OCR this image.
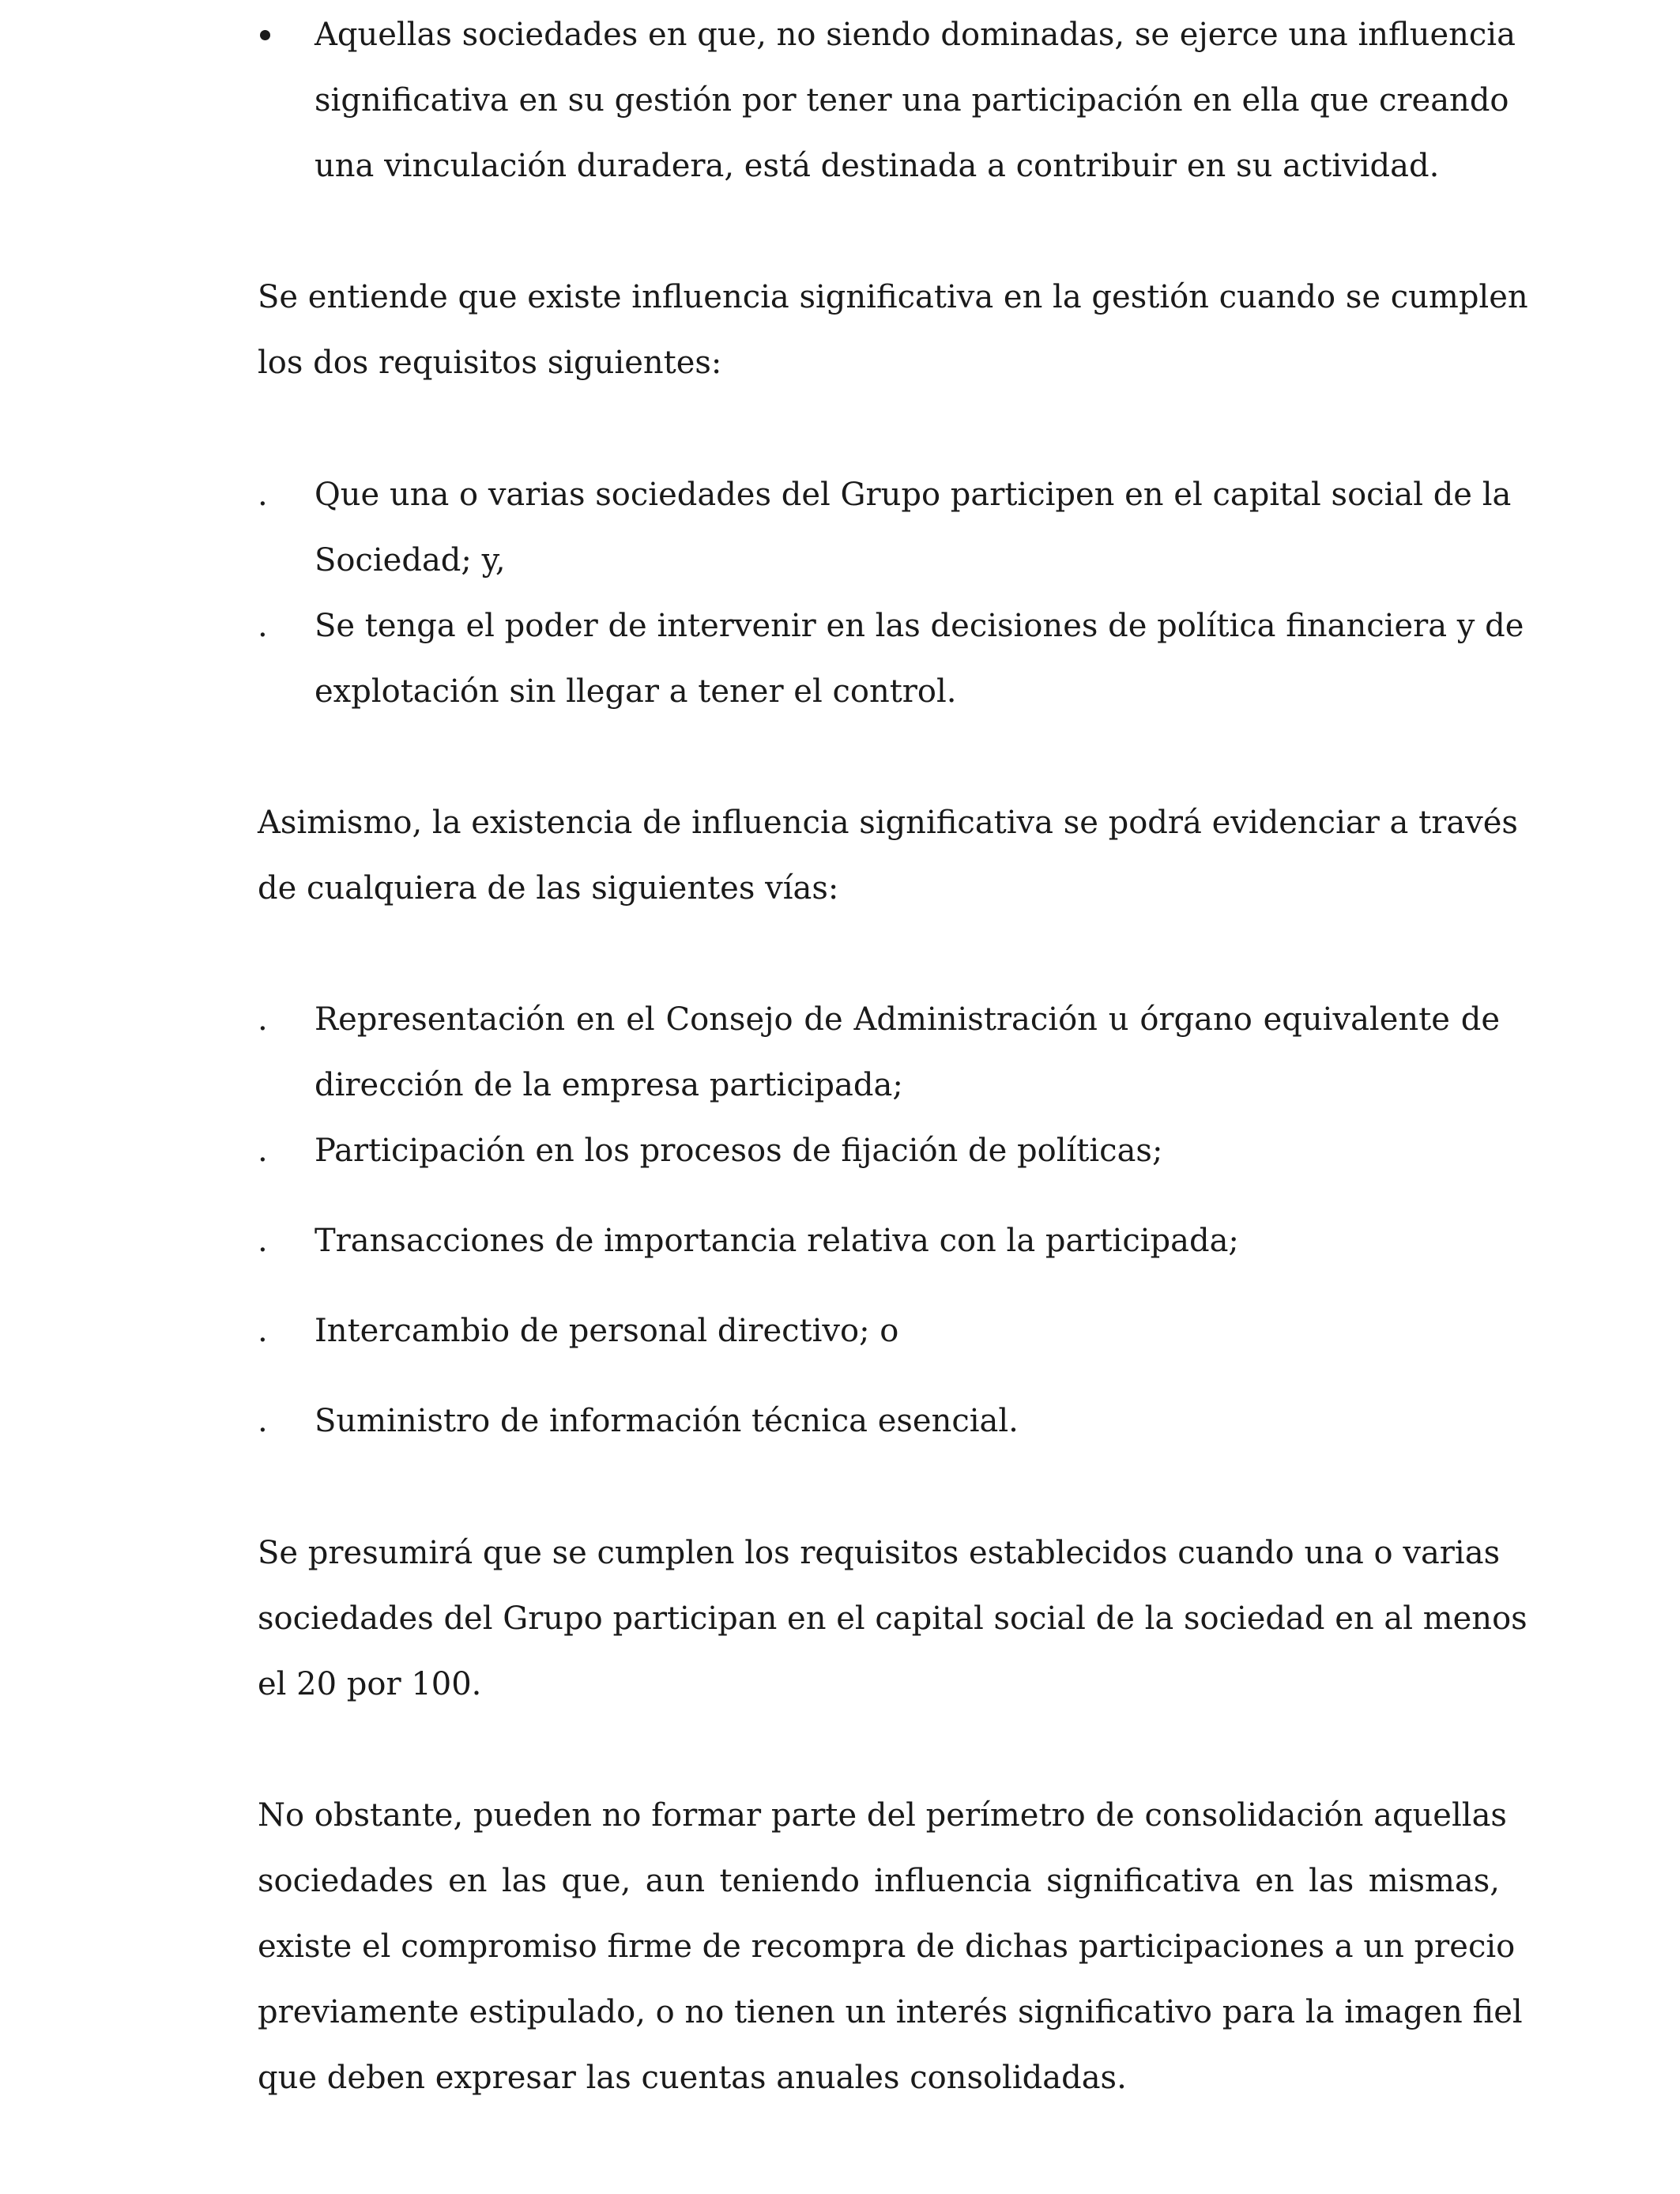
Aquellas sociedades en que, no siendo dominadas, se ejerce una influencia
significativa en su gestión por tener una participación en ella que creando
una vinculación duradera, está destinada a contribuir en su actividad.
Se entiende que existe influencia significativa en la gestión cuando se cumplen
los dos requisitos siguientes:
. Que una o varias sociedades del Grupo participen en el capital social de la
Sociedad; y,
. Se tenga el poder de intervenir en las decisiones de política financiera y de
explotación sin llegar a tener el control.
Asimismo, la existencia de influencia significativa se podrá evidenciar a través
de cualquiera de las siguientes vías:
. Representación en el Consejo de Administración u órgano equivalente de
dirección de la empresa participada;
. Participación en los procesos de fijación de políticas;
. Transacciones de importancia relativa con la participada;
. Intercambio de personal directivo; o
. Suministro de información técnica esencial.
Se presumirá que se cumplen los requisitos establecidos cuando una o varias
sociedades del Grupo participan en el capital social de la sociedad en al menos
el 20 por 100.
No obstante, pueden no formar parte del perímetro de consolidación aquellas
sociedades en las que, aun teniendo influencia significativa en las mismas,
existe el compromiso firme de recompra de dichas participaciones a un precio
previamente estipulado, o no tienen un interés significativo para la imagen fiel
que deben expresar las cuentas anuales consolidadas.
